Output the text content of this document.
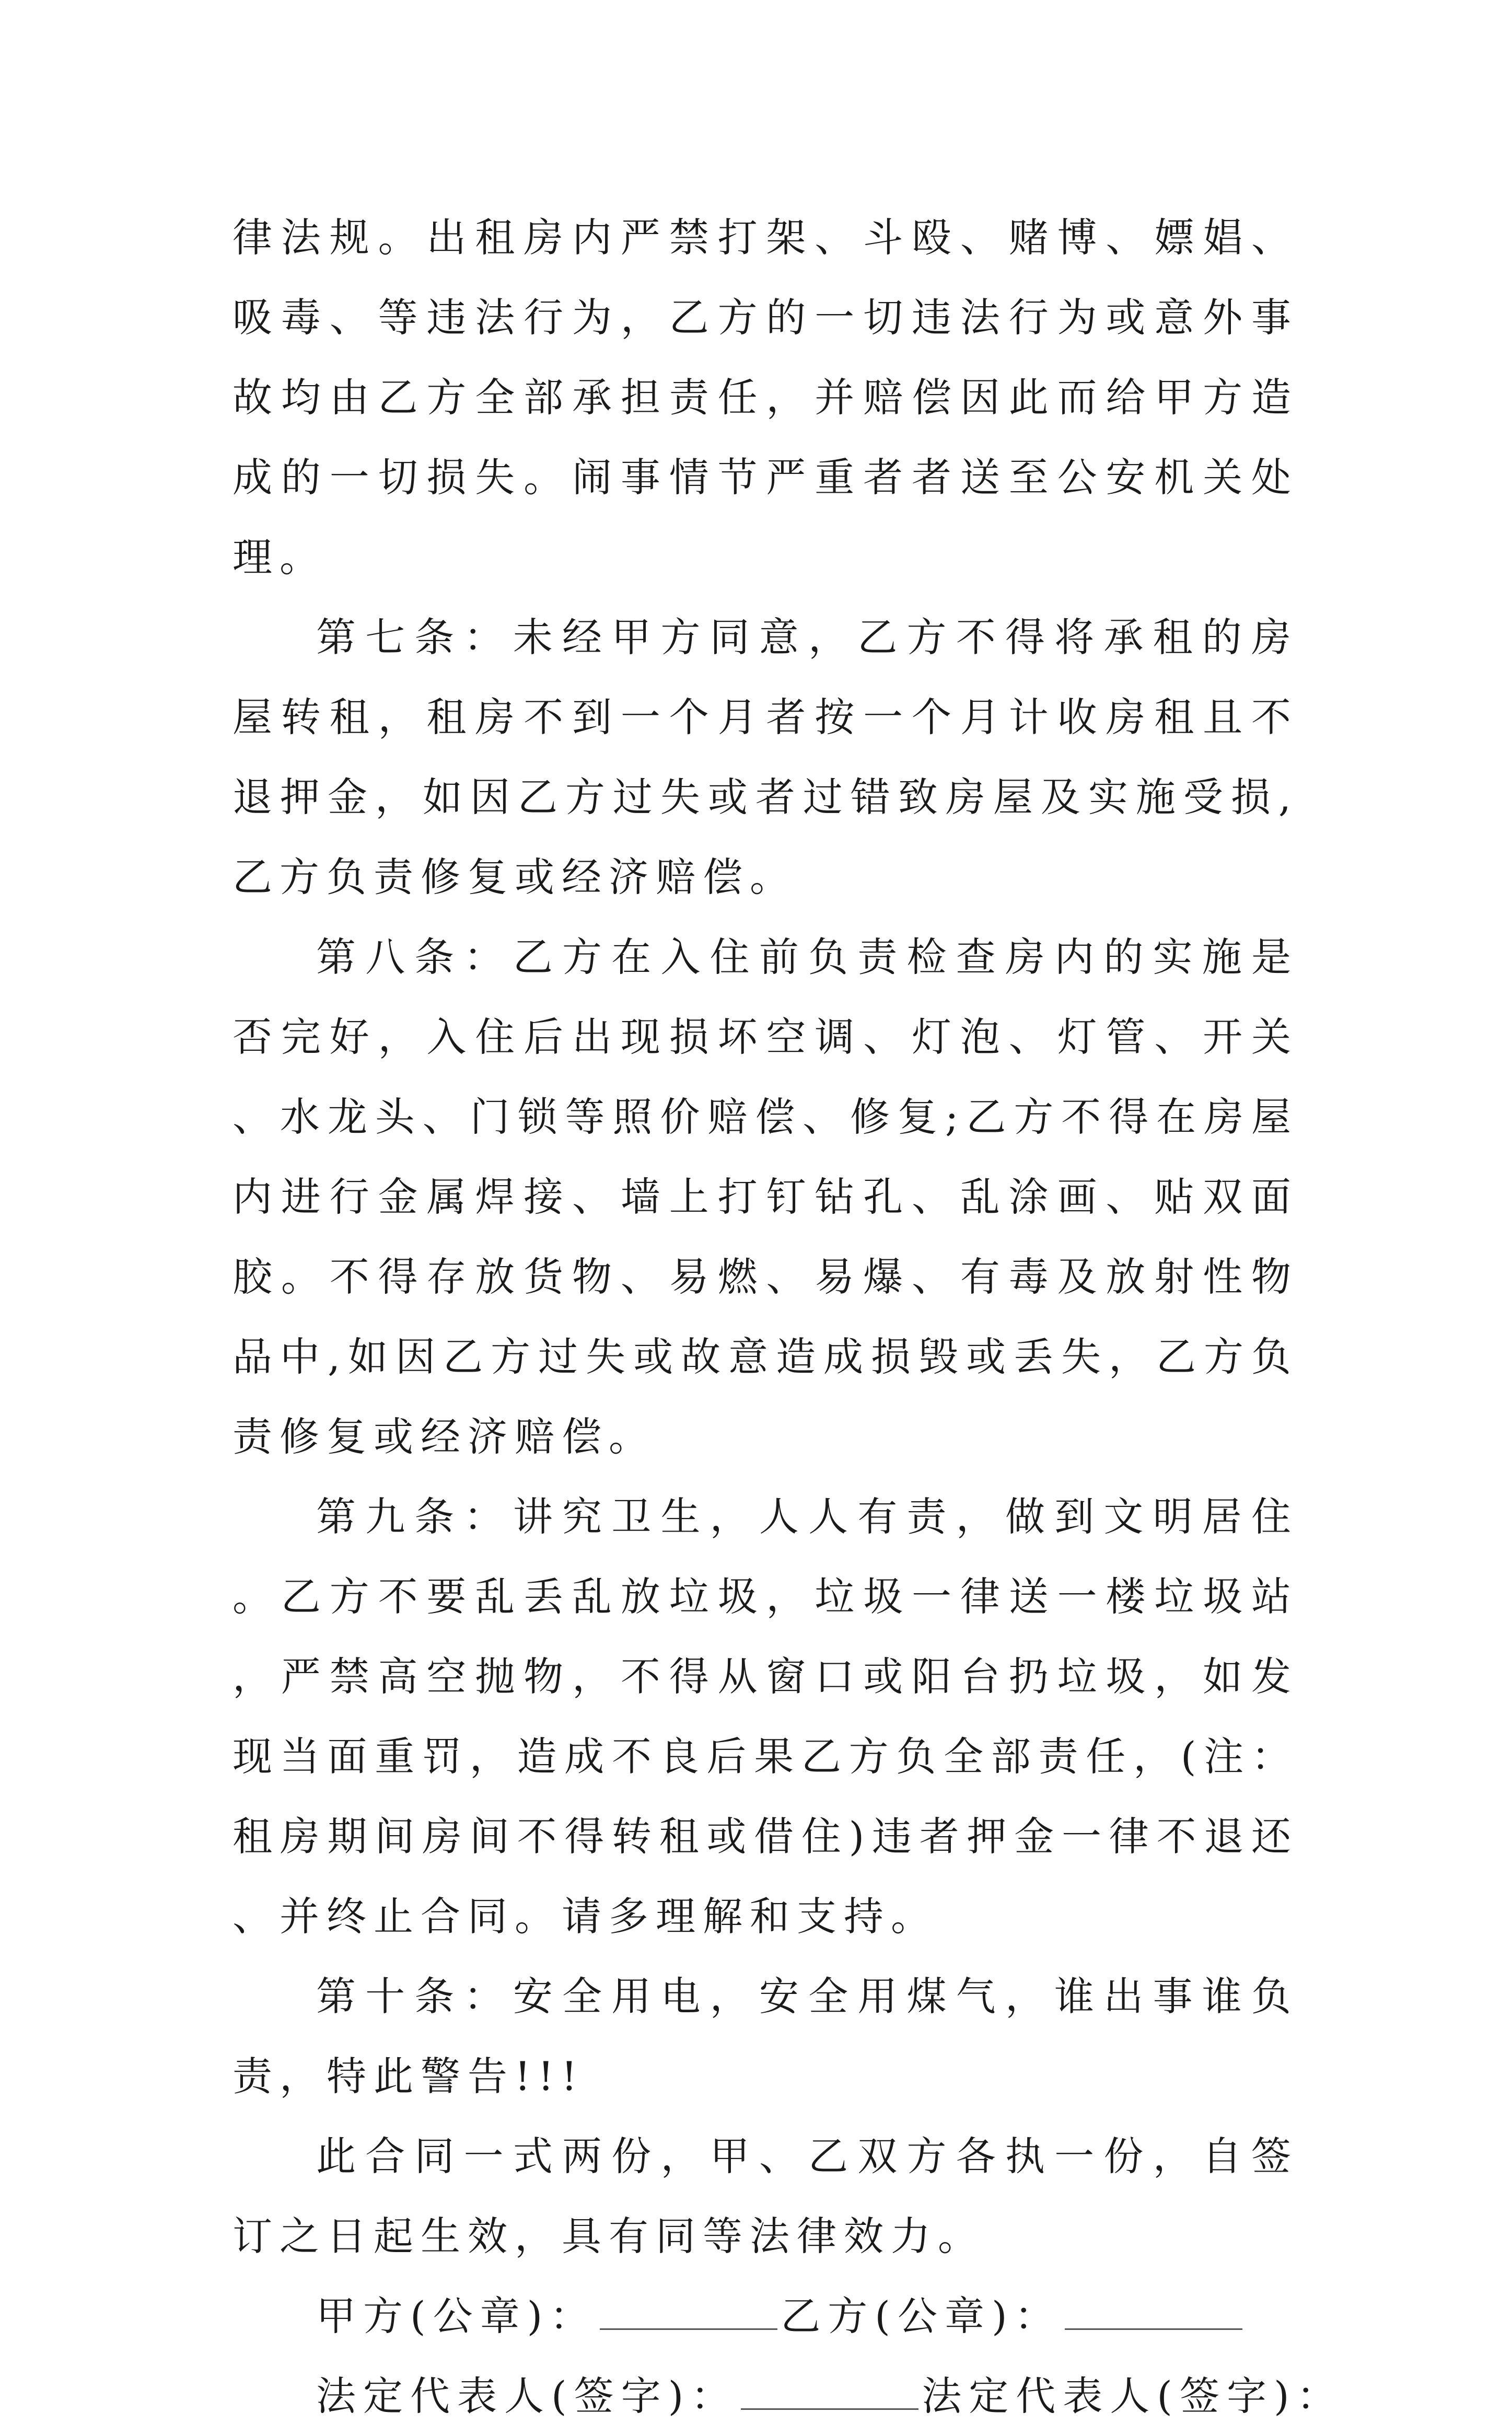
律法规。出租房内严禁打架、斗殴、赌博、嫖娼、吸毒、等违法行为，乙方的一切违法行为或意外事故均由乙方全部承担责任，并赔偿因此而给甲方造成的一切损失。闹事情节严重者者送至公安机关处理。

第七条：未经甲方同意，乙方不得将承租的房屋转租，租房不到一个月者按一个月计收房租且不退押金，如因乙方过失或者过错致房屋及实施受损,乙方负责修复或经济赔偿。

第八条：乙方在入住前负责检查房内的实施是否完好，入住后出现损坏空调、灯泡、灯管、开关、水龙头、门锁等照价赔偿、修复;乙方不得在房屋内进行金属焊接、墙上打钉钻孔、乱涂画、贴双面胶。不得存放货物、易燃、易爆、有毒及放射性物品中,如因乙方过失或故意造成损毁或丢失，乙方负责修复或经济赔偿。

第九条：讲究卫生，人人有责，做到文明居住。乙方不要乱丢乱放垃圾，垃圾一律送一楼垃圾站，严禁高空抛物，不得从窗口或阳台扔垃圾，如发现当面重罚，造成不良后果乙方负全部责任，(注：租房期间房间不得转租或借住)违者押金一律不退还、并终止合同。请多理解和支持。

第十条：安全用电，安全用煤气，谁出事谁负责，特此警告!!!

此合同一式两份，甲、乙双方各执一份，自签订之日起生效，具有同等法律效力。

甲方(公章)：	乙方(公章)：

法定代表人(签字)：	法定代表人(签字)：
